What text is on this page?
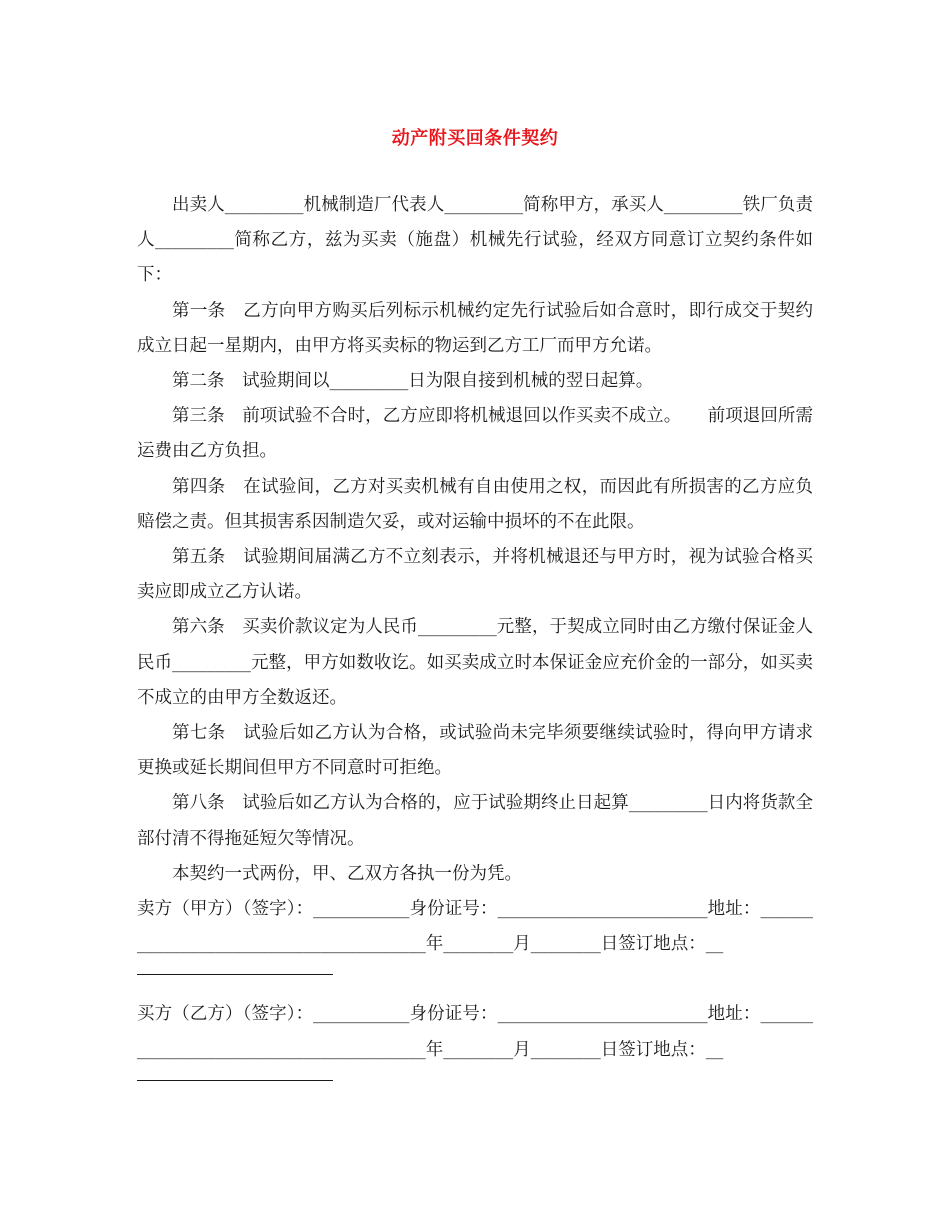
动产附买回条件契约

出卖人_________机械制造厂代表人_________简称甲方，承买人_________铁厂负责人_________简称乙方，兹为买卖（施盘）机械先行试验，经双方同意订立契约条件如下：

第一条　乙方向甲方购买后列标示机械约定先行试验后如合意时，即行成交于契约成立日起一星期内，由甲方将买卖标的物运到乙方工厂而甲方允诺。

第二条　试验期间以_________日为限自接到机械的翌日起算。

第三条　前项试验不合时，乙方应即将机械退回以作买卖不成立。　　前项退回所需运费由乙方负担。

第四条　在试验间，乙方对买卖机械有自由使用之权，而因此有所损害的乙方应负赔偿之责。但其损害系因制造欠妥，或对运输中损坏的不在此限。

第五条　试验期间届满乙方不立刻表示，并将机械退还与甲方时，视为试验合格买卖应即成立乙方认诺。

第六条　买卖价款议定为人民币_________元整，于契成立同时由乙方缴付保证金人民币_________元整，甲方如数收讫。如买卖成立时本保证金应充价金的一部分，如买卖不成立的由甲方全数返还。

第七条　试验后如乙方认为合格，或试验尚未完毕须要继续试验时，得向甲方请求更换或延长期间但甲方不同意时可拒绝。

第八条　试验后如乙方认为合格的，应于试验期终止日起算_________日内将货款全部付清不得拖延短欠等情况。

本契约一式两份，甲、乙双方各执一份为凭。

卖方（甲方）（签字）：___________身份证号：________________________地址：_______________________________________年________月________日签订地点：__

买方（乙方）（签字）：___________身份证号：________________________地址：_______________________________________年________月________日签订地点：__
